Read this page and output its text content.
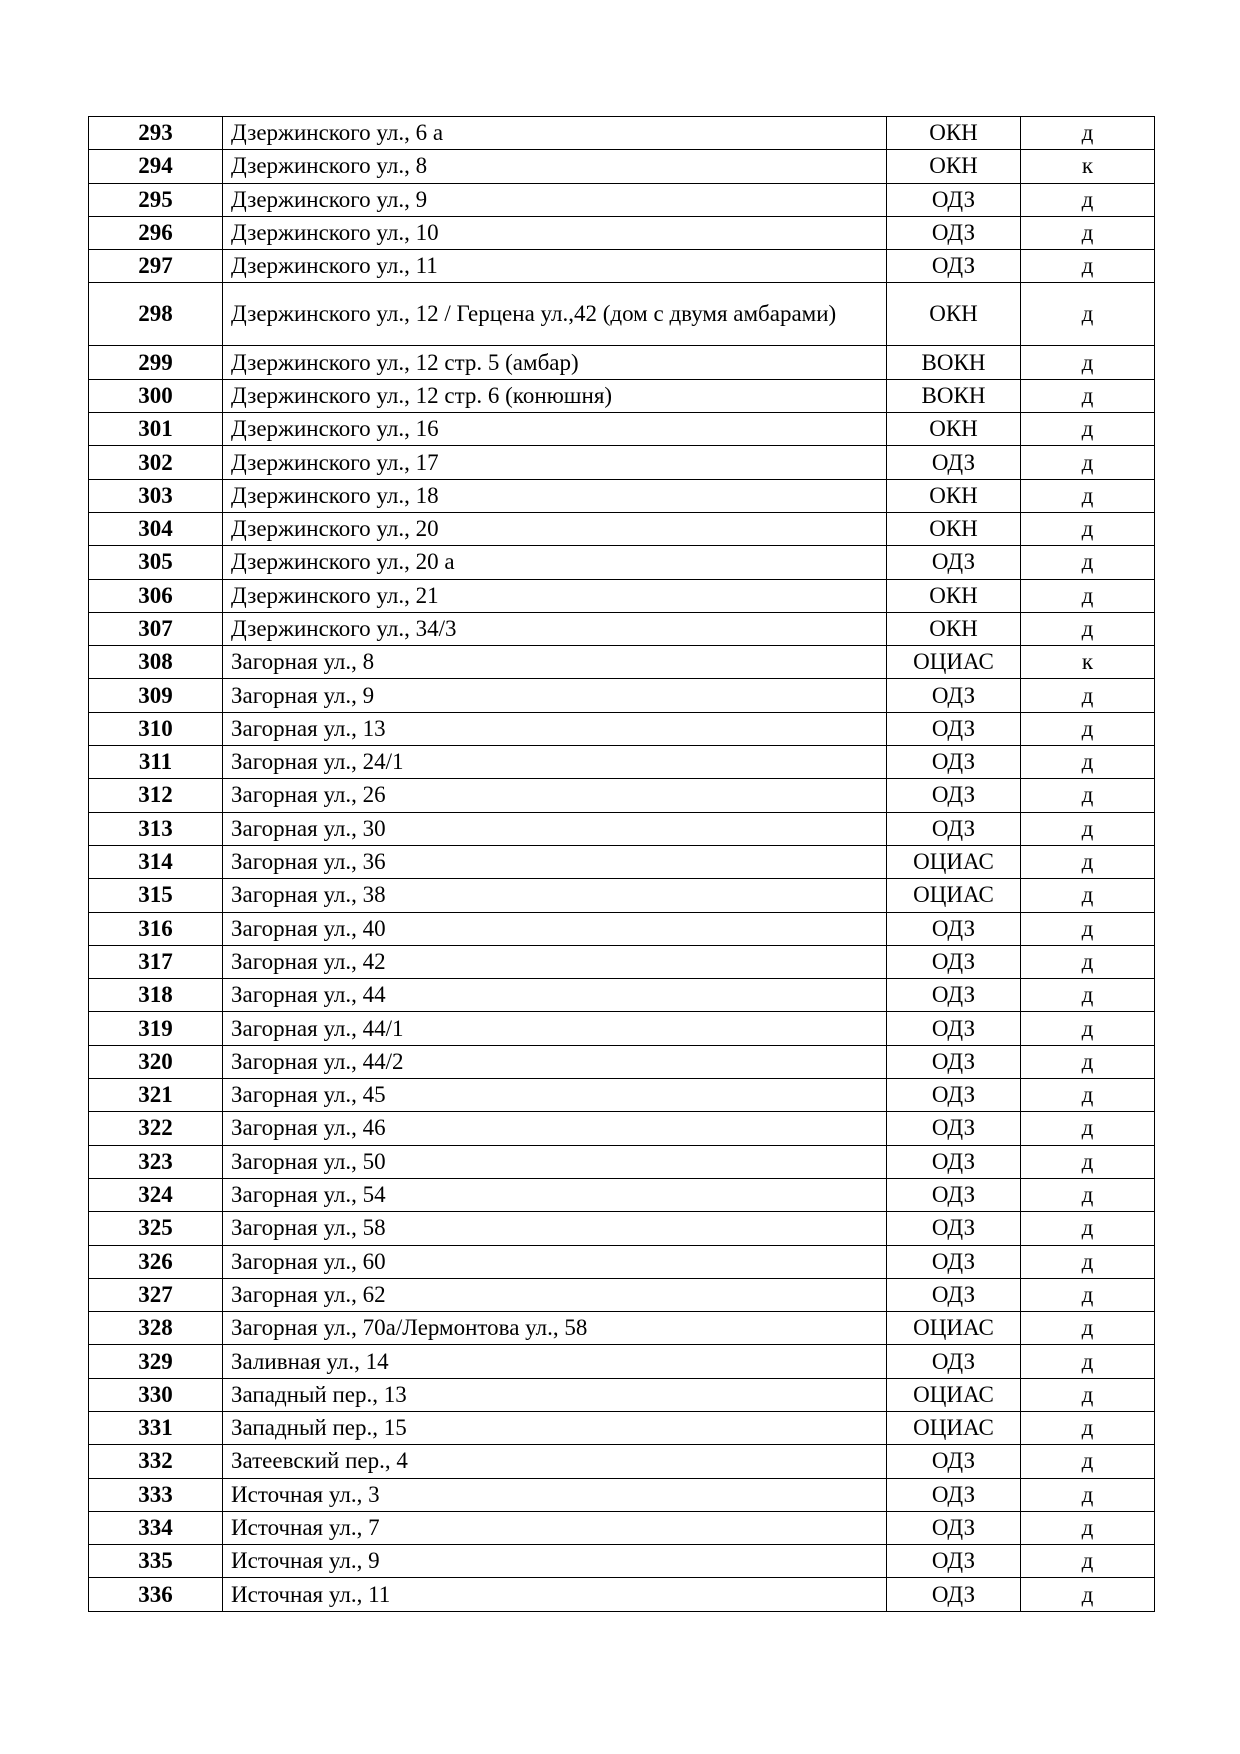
293	Дзержинского ул., 6 а	ОКН	д
294	Дзержинского ул., 8	ОКН	к
295	Дзержинского ул., 9	ОДЗ	д
296	Дзержинского ул., 10	ОДЗ	д
297	Дзержинского ул., 11	ОДЗ	д
298	Дзержинского ул., 12 / Герцена ул.,42 (дом с двумя амбарами)	ОКН	д
299	Дзержинского ул., 12 стр. 5 (амбар)	ВОКН	д
300	Дзержинского ул., 12 стр. 6 (конюшня)	ВОКН	д
301	Дзержинского ул., 16	ОКН	д
302	Дзержинского ул., 17	ОДЗ	д
303	Дзержинского ул., 18	ОКН	д
304	Дзержинского ул., 20	ОКН	д
305	Дзержинского ул., 20 а	ОДЗ	д
306	Дзержинского ул., 21	ОКН	д
307	Дзержинского ул., 34/3	ОКН	д
308	Загорная ул., 8	ОЦИАС	к
309	Загорная ул., 9	ОДЗ	д
310	Загорная ул., 13	ОДЗ	д
311	Загорная ул., 24/1	ОДЗ	д
312	Загорная ул., 26	ОДЗ	д
313	Загорная ул., 30	ОДЗ	д
314	Загорная ул., 36	ОЦИАС	д
315	Загорная ул., 38	ОЦИАС	д
316	Загорная ул., 40	ОДЗ	д
317	Загорная ул., 42	ОДЗ	д
318	Загорная ул., 44	ОДЗ	д
319	Загорная ул., 44/1	ОДЗ	д
320	Загорная ул., 44/2	ОДЗ	д
321	Загорная ул., 45	ОДЗ	д
322	Загорная ул., 46	ОДЗ	д
323	Загорная ул., 50	ОДЗ	д
324	Загорная ул., 54	ОДЗ	д
325	Загорная ул., 58	ОДЗ	д
326	Загорная ул., 60	ОДЗ	д
327	Загорная ул., 62	ОДЗ	д
328	Загорная ул., 70а/Лермонтова ул., 58	ОЦИАС	д
329	Заливная ул., 14	ОДЗ	д
330	Западный пер., 13	ОЦИАС	д
331	Западный пер., 15	ОЦИАС	д
332	Затеевский пер., 4	ОДЗ	д
333	Источная ул., 3	ОДЗ	д
334	Источная ул., 7	ОДЗ	д
335	Источная ул., 9	ОДЗ	д
336	Источная ул., 11	ОДЗ	д
